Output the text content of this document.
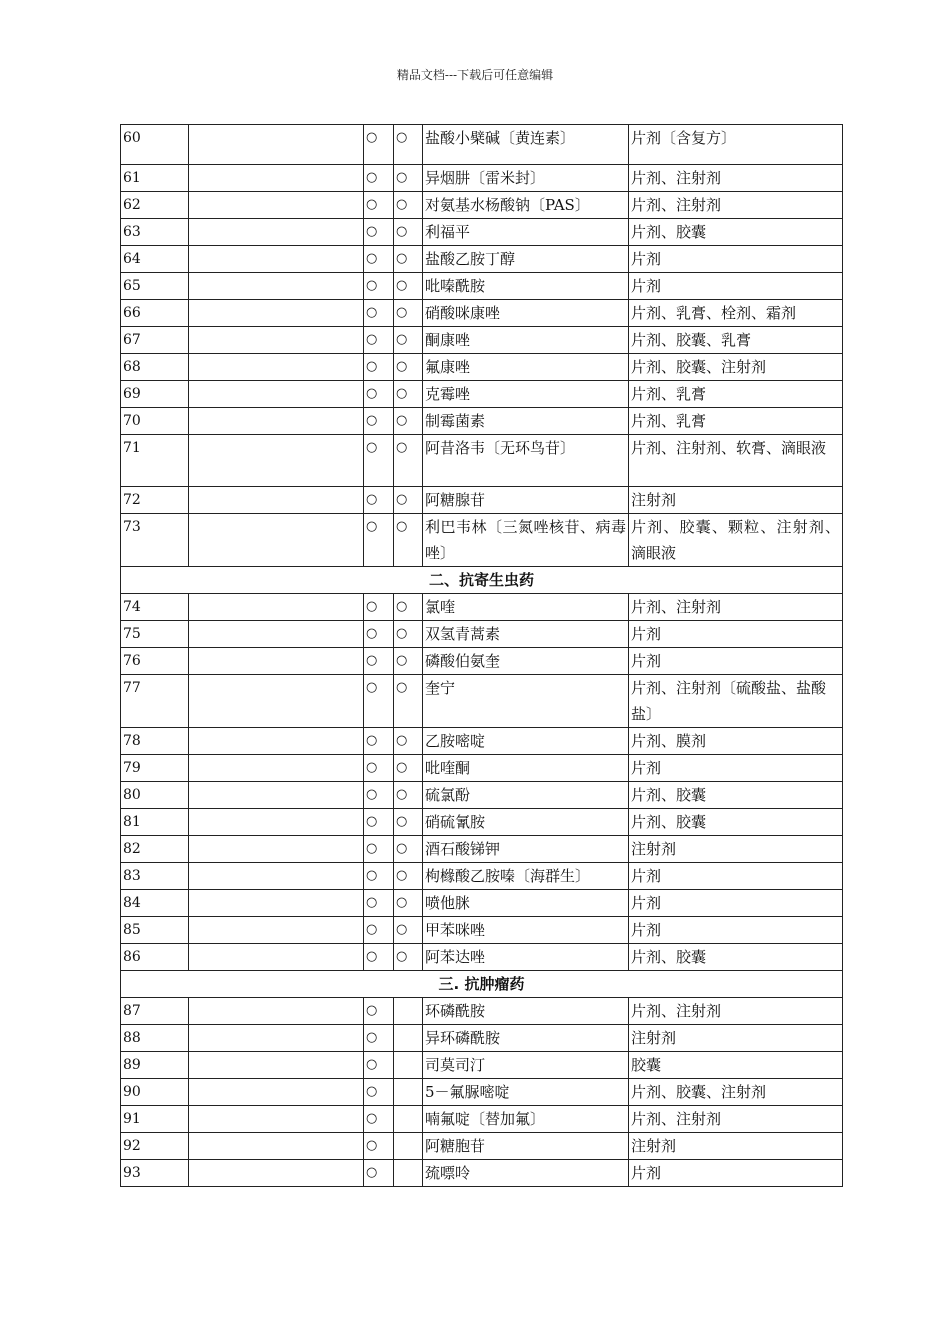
精品文档---下载后可任意编辑
60		○	○	盐酸小檗碱〔黄连素〕	片剂〔含复方〕
61		○	○	异烟肼〔雷米封〕	片剂、注射剂
62		○	○	对氨基水杨酸钠〔PAS〕	片剂、注射剂
63		○	○	利福平	片剂、胶囊
64		○	○	盐酸乙胺丁醇	片剂
65		○	○	吡嗪酰胺	片剂
66		○	○	硝酸咪康唑	片剂、乳膏、栓剂、霜剂
67		○	○	酮康唑	片剂、胶囊、乳膏
68		○	○	氟康唑	片剂、胶囊、注射剂
69		○	○	克霉唑	片剂、乳膏
70		○	○	制霉菌素	片剂、乳膏
71		○	○	阿昔洛韦〔无环鸟苷〕	片剂、注射剂、软膏、滴眼液
72		○	○	阿糖腺苷	注射剂
73		○	○	利巴韦林〔三氮唑核苷、病毒唑〕	片剂、胶囊、颗粒、注射剂、滴眼液
二、抗寄生虫药					
74		○	○	氯喹	片剂、注射剂
75		○	○	双氢青蒿素	片剂
76		○	○	磷酸伯氨奎	片剂
77		○	○	奎宁	片剂、注射剂〔硫酸盐、盐酸盐〕
78		○	○	乙胺嘧啶	片剂、膜剂
79		○	○	吡喹酮	片剂
80		○	○	硫氯酚	片剂、胶囊
81		○	○	硝硫氰胺	片剂、胶囊
82		○	○	酒石酸锑钾	注射剂
83		○	○	枸橼酸乙胺嗪〔海群生〕	片剂
84		○	○	喷他脒	片剂
85		○	○	甲苯咪唑	片剂
86		○	○	阿苯达唑	片剂、胶囊
三. 抗肿瘤药					
87		○		环磷酰胺	片剂、注射剂
88		○		异环磷酰胺	注射剂
89		○		司莫司汀	胶囊
90		○		5－氟脲嘧啶	片剂、胶囊、注射剂
91		○		喃氟啶〔替加氟〕	片剂、注射剂
92		○		阿糖胞苷	注射剂
93		○		巯嘌呤	片剂
